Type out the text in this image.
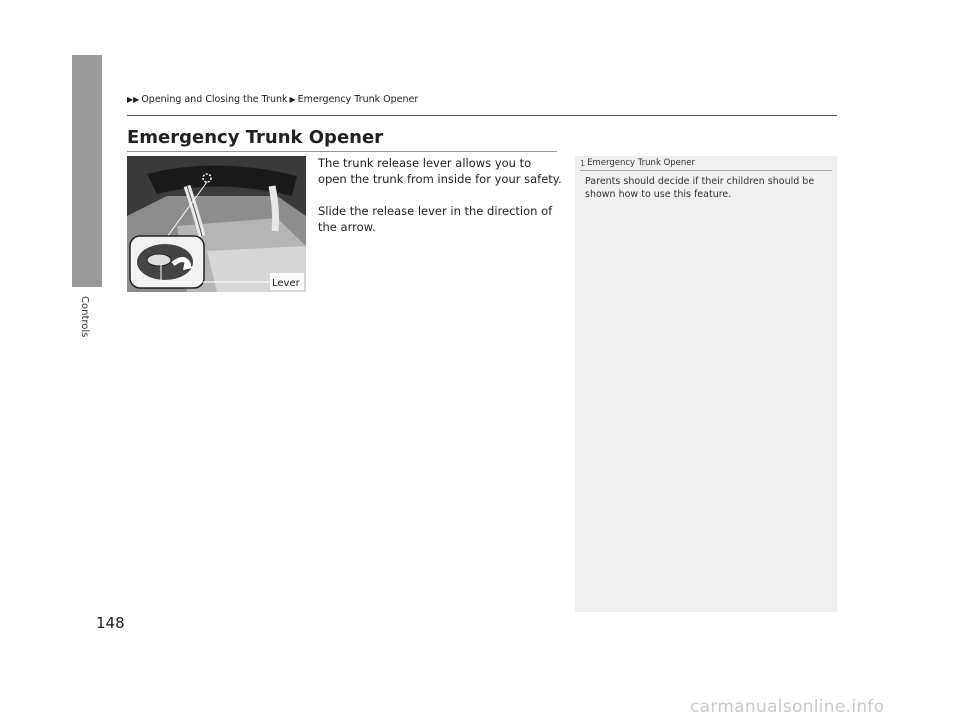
Controls
148
▶▶ Opening and Closing the Trunk ▶ Emergency Trunk Opener
Emergency Trunk Opener
Lever

The trunk release lever allows you to open the trunk from inside for your safety.

Slide the release lever in the direction of the arrow.

1 Emergency Trunk Opener
Parents should decide if their children should be shown how to use this feature.
carmanualsonline.info
